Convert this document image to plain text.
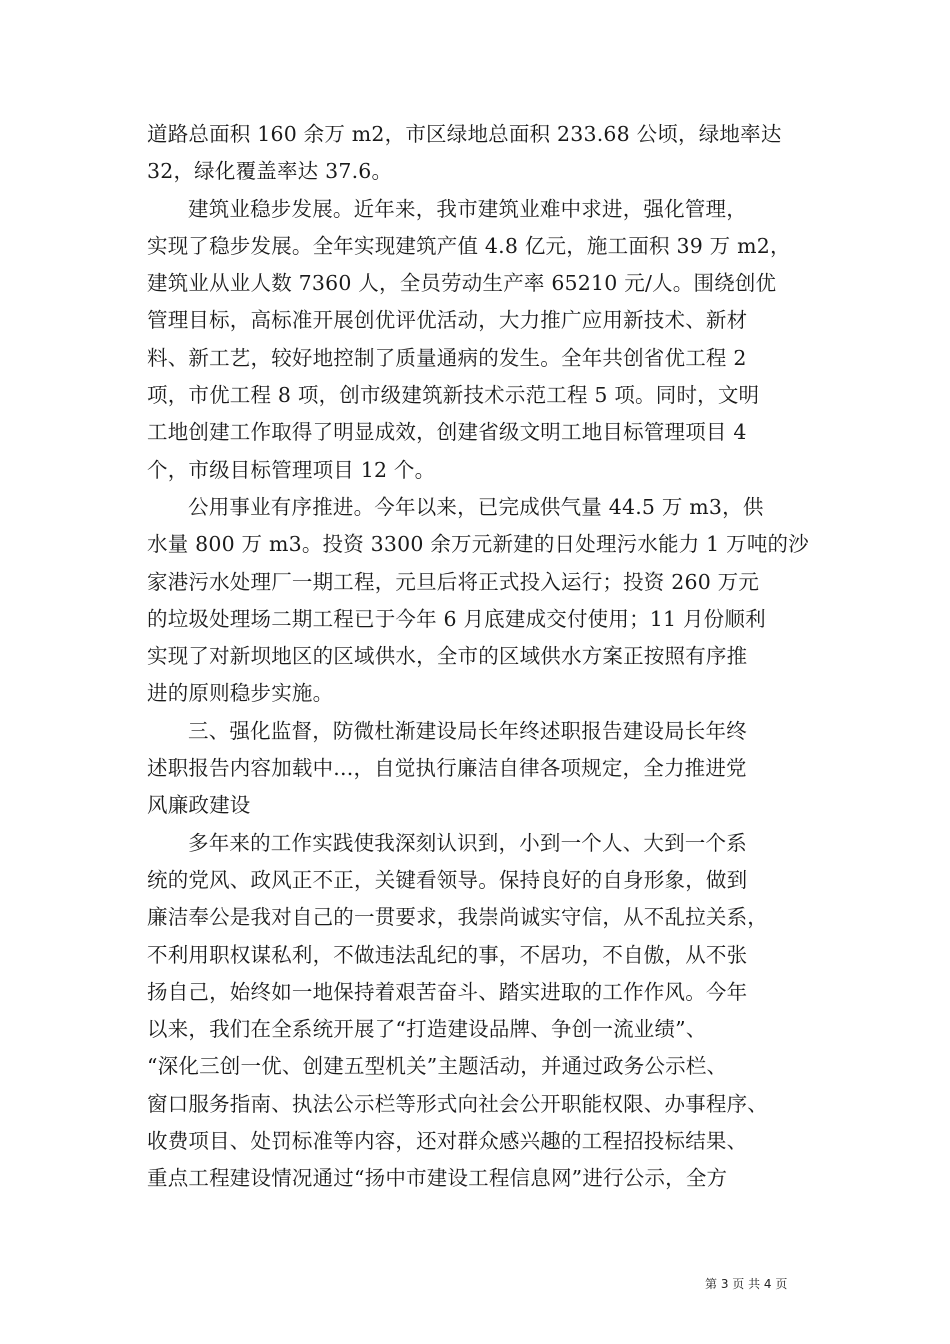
道路总面积 160 余万 m2，市区绿地总面积 233.68 公顷，绿地率达
32，绿化覆盖率达 37.6。
建筑业稳步发展。近年来，我市建筑业难中求进，强化管理，
实现了稳步发展。全年实现建筑产值 4.8 亿元，施工面积 39 万 m2，
建筑业从业人数 7360 人，全员劳动生产率 65210 元/人。围绕创优
管理目标，高标准开展创优评优活动，大力推广应用新技术、新材
料、新工艺，较好地控制了质量通病的发生。全年共创省优工程 2
项，市优工程 8 项，创市级建筑新技术示范工程 5 项。同时，文明
工地创建工作取得了明显成效，创建省级文明工地目标管理项目 4
个，市级目标管理项目 12 个。
公用事业有序推进。今年以来，已完成供气量 44.5 万 m3，供
水量 800 万 m3。投资 3300 余万元新建的日处理污水能力 1 万吨的沙
家港污水处理厂一期工程，元旦后将正式投入运行；投资 260 万元
的垃圾处理场二期工程已于今年 6 月底建成交付使用；11 月份顺利
实现了对新坝地区的区域供水，全市的区域供水方案正按照有序推
进的原则稳步实施。
三、强化监督，防微杜渐建设局长年终述职报告建设局长年终
述职报告内容加载中...，自觉执行廉洁自律各项规定，全力推进党
风廉政建设
多年来的工作实践使我深刻认识到，小到一个人、大到一个系
统的党风、政风正不正，关键看领导。保持良好的自身形象，做到
廉洁奉公是我对自己的一贯要求，我崇尚诚实守信，从不乱拉关系，
不利用职权谋私利，不做违法乱纪的事，不居功，不自傲，从不张
扬自己，始终如一地保持着艰苦奋斗、踏实进取的工作作风。今年
以来，我们在全系统开展了“打造建设品牌、争创一流业绩”、
“深化三创一优、创建五型机关”主题活动，并通过政务公示栏、
窗口服务指南、执法公示栏等形式向社会公开职能权限、办事程序、
收费项目、处罚标准等内容，还对群众感兴趣的工程招投标结果、
重点工程建设情况通过“扬中市建设工程信息网”进行公示，全方
第 3 页 共 4 页
